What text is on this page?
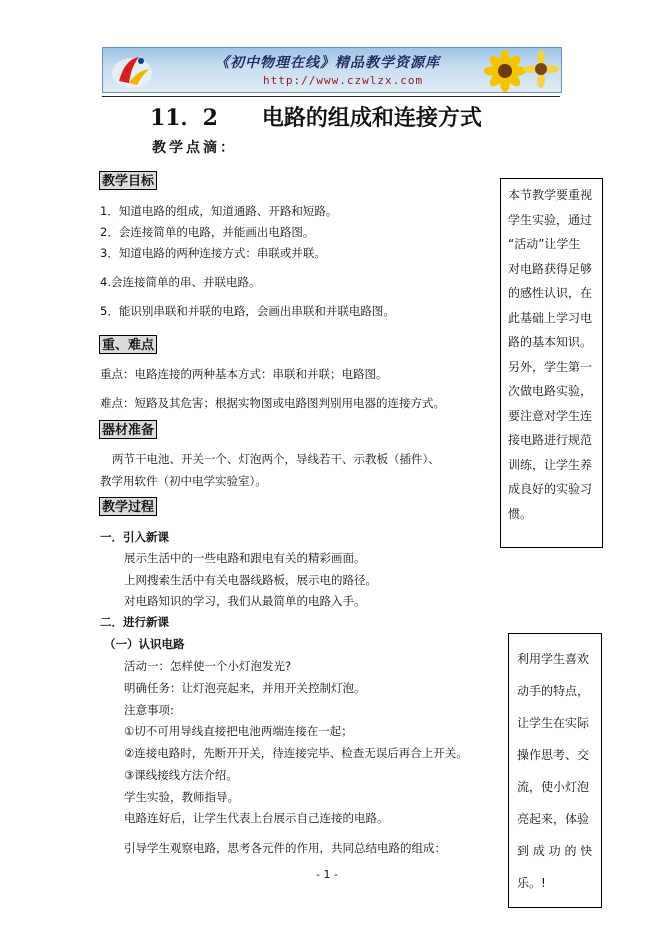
《初中物理在线》精品教学资源库
http://www.czwlzx.com
11．2　　电路的组成和连接方式
教学点滴：
教学目标
1．知道电路的组成，知道通路、开路和短路。
2．会连接简单的电路，并能画出电路图。
3．知道电路的两种连接方式：串联或并联。
4.会连接简单的串、并联电路。
5．能识别串联和并联的电路，会画出串联和并联电路图。
重、难点
重点：电路连接的两种基本方式：串联和并联；电路图。
难点：短路及其危害；根据实物图或电路图判别用电器的连接方式。
器材准备
两节干电池、开关一个、灯泡两个，导线若干、示教板（插件）、
教学用软件（初中电学实验室）。
教学过程
一．引入新课
展示生活中的一些电路和跟电有关的精彩画面。
上网搜索生活中有关电器线路板，展示电的路径。
对电路知识的学习，我们从最简单的电路入手。
二．进行新课
（一）认识电路
活动一：怎样使一个小灯泡发光?
明确任务：让灯泡亮起来，并用开关控制灯泡。
注意事项:
①切不可用导线直接把电池两端连接在一起；
②连接电路时，先断开开关，待连接完毕、检查无误后再合上开关。
③课线接线方法介绍。
学生实验，教师指导。
电路连好后，让学生代表上台展示自己连接的电路。
引导学生观察电路，思考各元件的作用，共同总结电路的组成：

本节教学要重视

学生实验，通过

“活动”让学生

对电路获得足够

的感性认识，在

此基础上学习电

路的基本知识。

另外，学生第一

次做电路实验，

要注意对学生连

接电路进行规范

训练，让学生养

成良好的实验习

惯。

利用学生喜欢

动手的特点，

让学生在实际

操作思考、交

流，使小灯泡

亮起来，体验

到 成 功 的 快

乐。!

- 1 -
